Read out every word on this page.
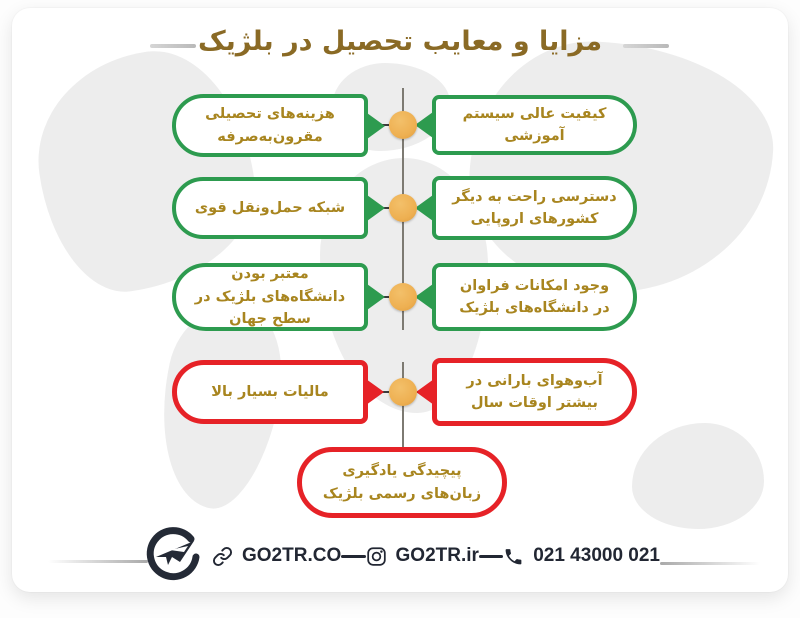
مزایا و معایب تحصیل در بلژیک
کیفیت عالی سیستم آموزشی
هزینه‌های تحصیلی مقرون‌به‌صرفه
دسترسی راحت به دیگر کشورهای اروپایی
شبکه حمل‌ونقل قوی
وجود امکانات فراوان در دانشگاه‌های بلژیک
معتبر بودن دانشگاه‌های بلژیک در سطح جهان
آب‌وهوای بارانی در بیشتر اوقات سال
مالیات بسیار بالا
پیچیدگی یادگیری زبان‌های رسمی بلژیک
GO2TR.CO	GO2TR.ir	021 43000 021
